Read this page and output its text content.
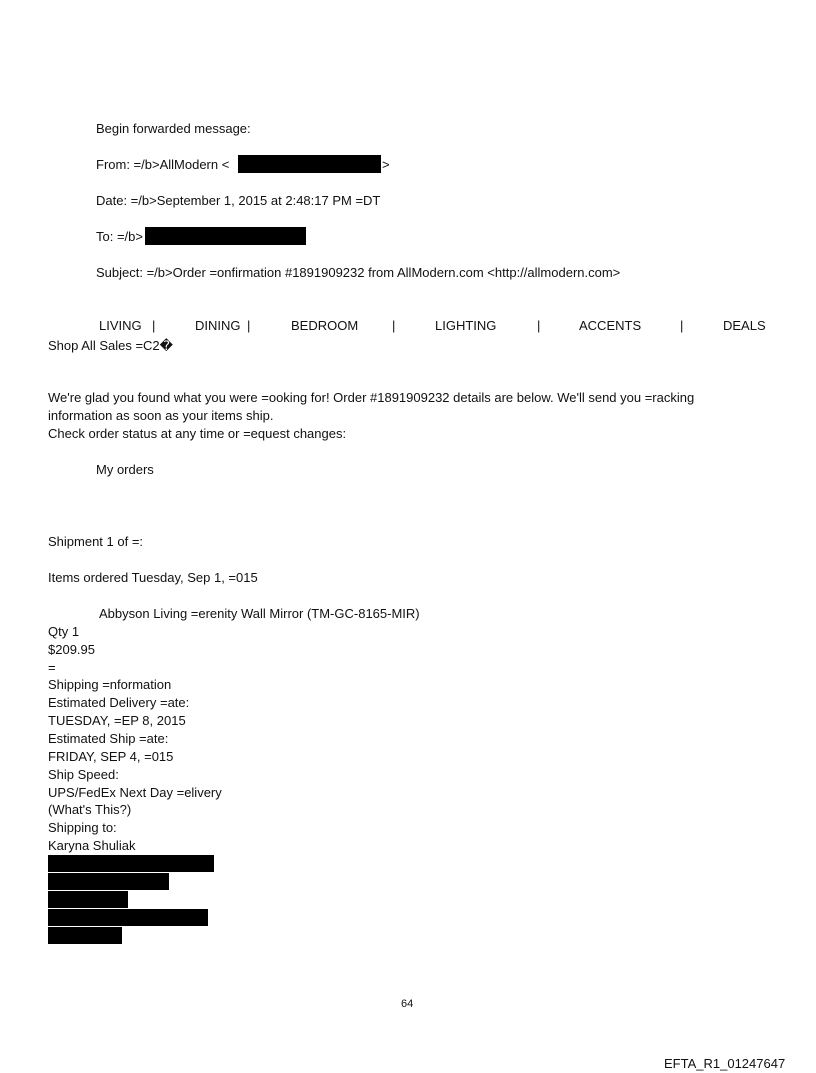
Begin forwarded message:
From: =/b>AllModern <	>
Date: =/b>September 1, 2015 at 2:48:17 PM =DT
To: =/b>
Subject: =/b>Order =onfirmation #1891909232 from AllModern.com <http://allmodern.com>
LIVING |	DINING |	BEDROOM	|	LIGHTING	|	ACCENTS	|	DEALS
Shop All Sales =C2�
We're glad you found what you were =ooking for! Order #1891909232 details are below. We'll send you =racking
information as soon as your items ship.
Check order status at any time or =equest changes:
My orders
Shipment 1 of =:
Items ordered Tuesday, Sep 1, =015
Abbyson Living =erenity Wall Mirror (TM-GC-8165-MIR)
Qty 1
$209.95
=
Shipping =nformation
Estimated Delivery =ate:
TUESDAY, =EP 8, 2015
Estimated Ship =ate:
FRIDAY, SEP 4, =015
Ship Speed:
UPS/FedEx Next Day =elivery
(What's This?)
Shipping to:
Karyna Shuliak
64
EFTA_R1_01247647
